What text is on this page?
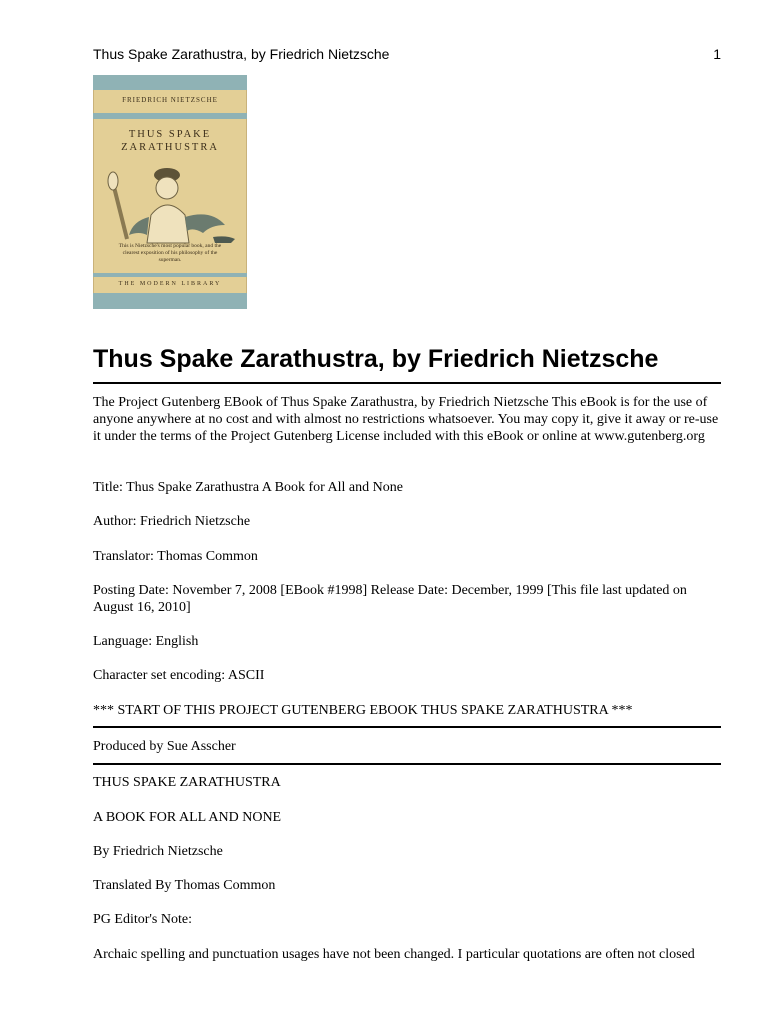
Thus Spake Zarathustra, by Friedrich Nietzsche	1
FRIEDRICH NIETZSCHE
THUS SPAKE
ZARATHUSTRA
This is Nietzsche's most popular book, and the clearest exposition of his philosophy of the superman.
THE MODERN LIBRARY
Thus Spake Zarathustra, by Friedrich Nietzsche

The Project Gutenberg EBook of Thus Spake Zarathustra, by Friedrich Nietzsche This eBook is for the use of anyone anywhere at no cost and with almost no restrictions whatsoever. You may copy it, give it away or re-use it under the terms of the Project Gutenberg License included with this eBook or online at www.gutenberg.org

Title: Thus Spake Zarathustra A Book for All and None

Author: Friedrich Nietzsche

Translator: Thomas Common

Posting Date: November 7, 2008 [EBook #1998] Release Date: December, 1999 [This file last updated on August 16, 2010]

Language: English

Character set encoding: ASCII

*** START OF THIS PROJECT GUTENBERG EBOOK THUS SPAKE ZARATHUSTRA ***

Produced by Sue Asscher

THUS SPAKE ZARATHUSTRA

A BOOK FOR ALL AND NONE

By Friedrich Nietzsche

Translated By Thomas Common

PG Editor's Note:

Archaic spelling and punctuation usages have not been changed. I particular quotations are often not closed
